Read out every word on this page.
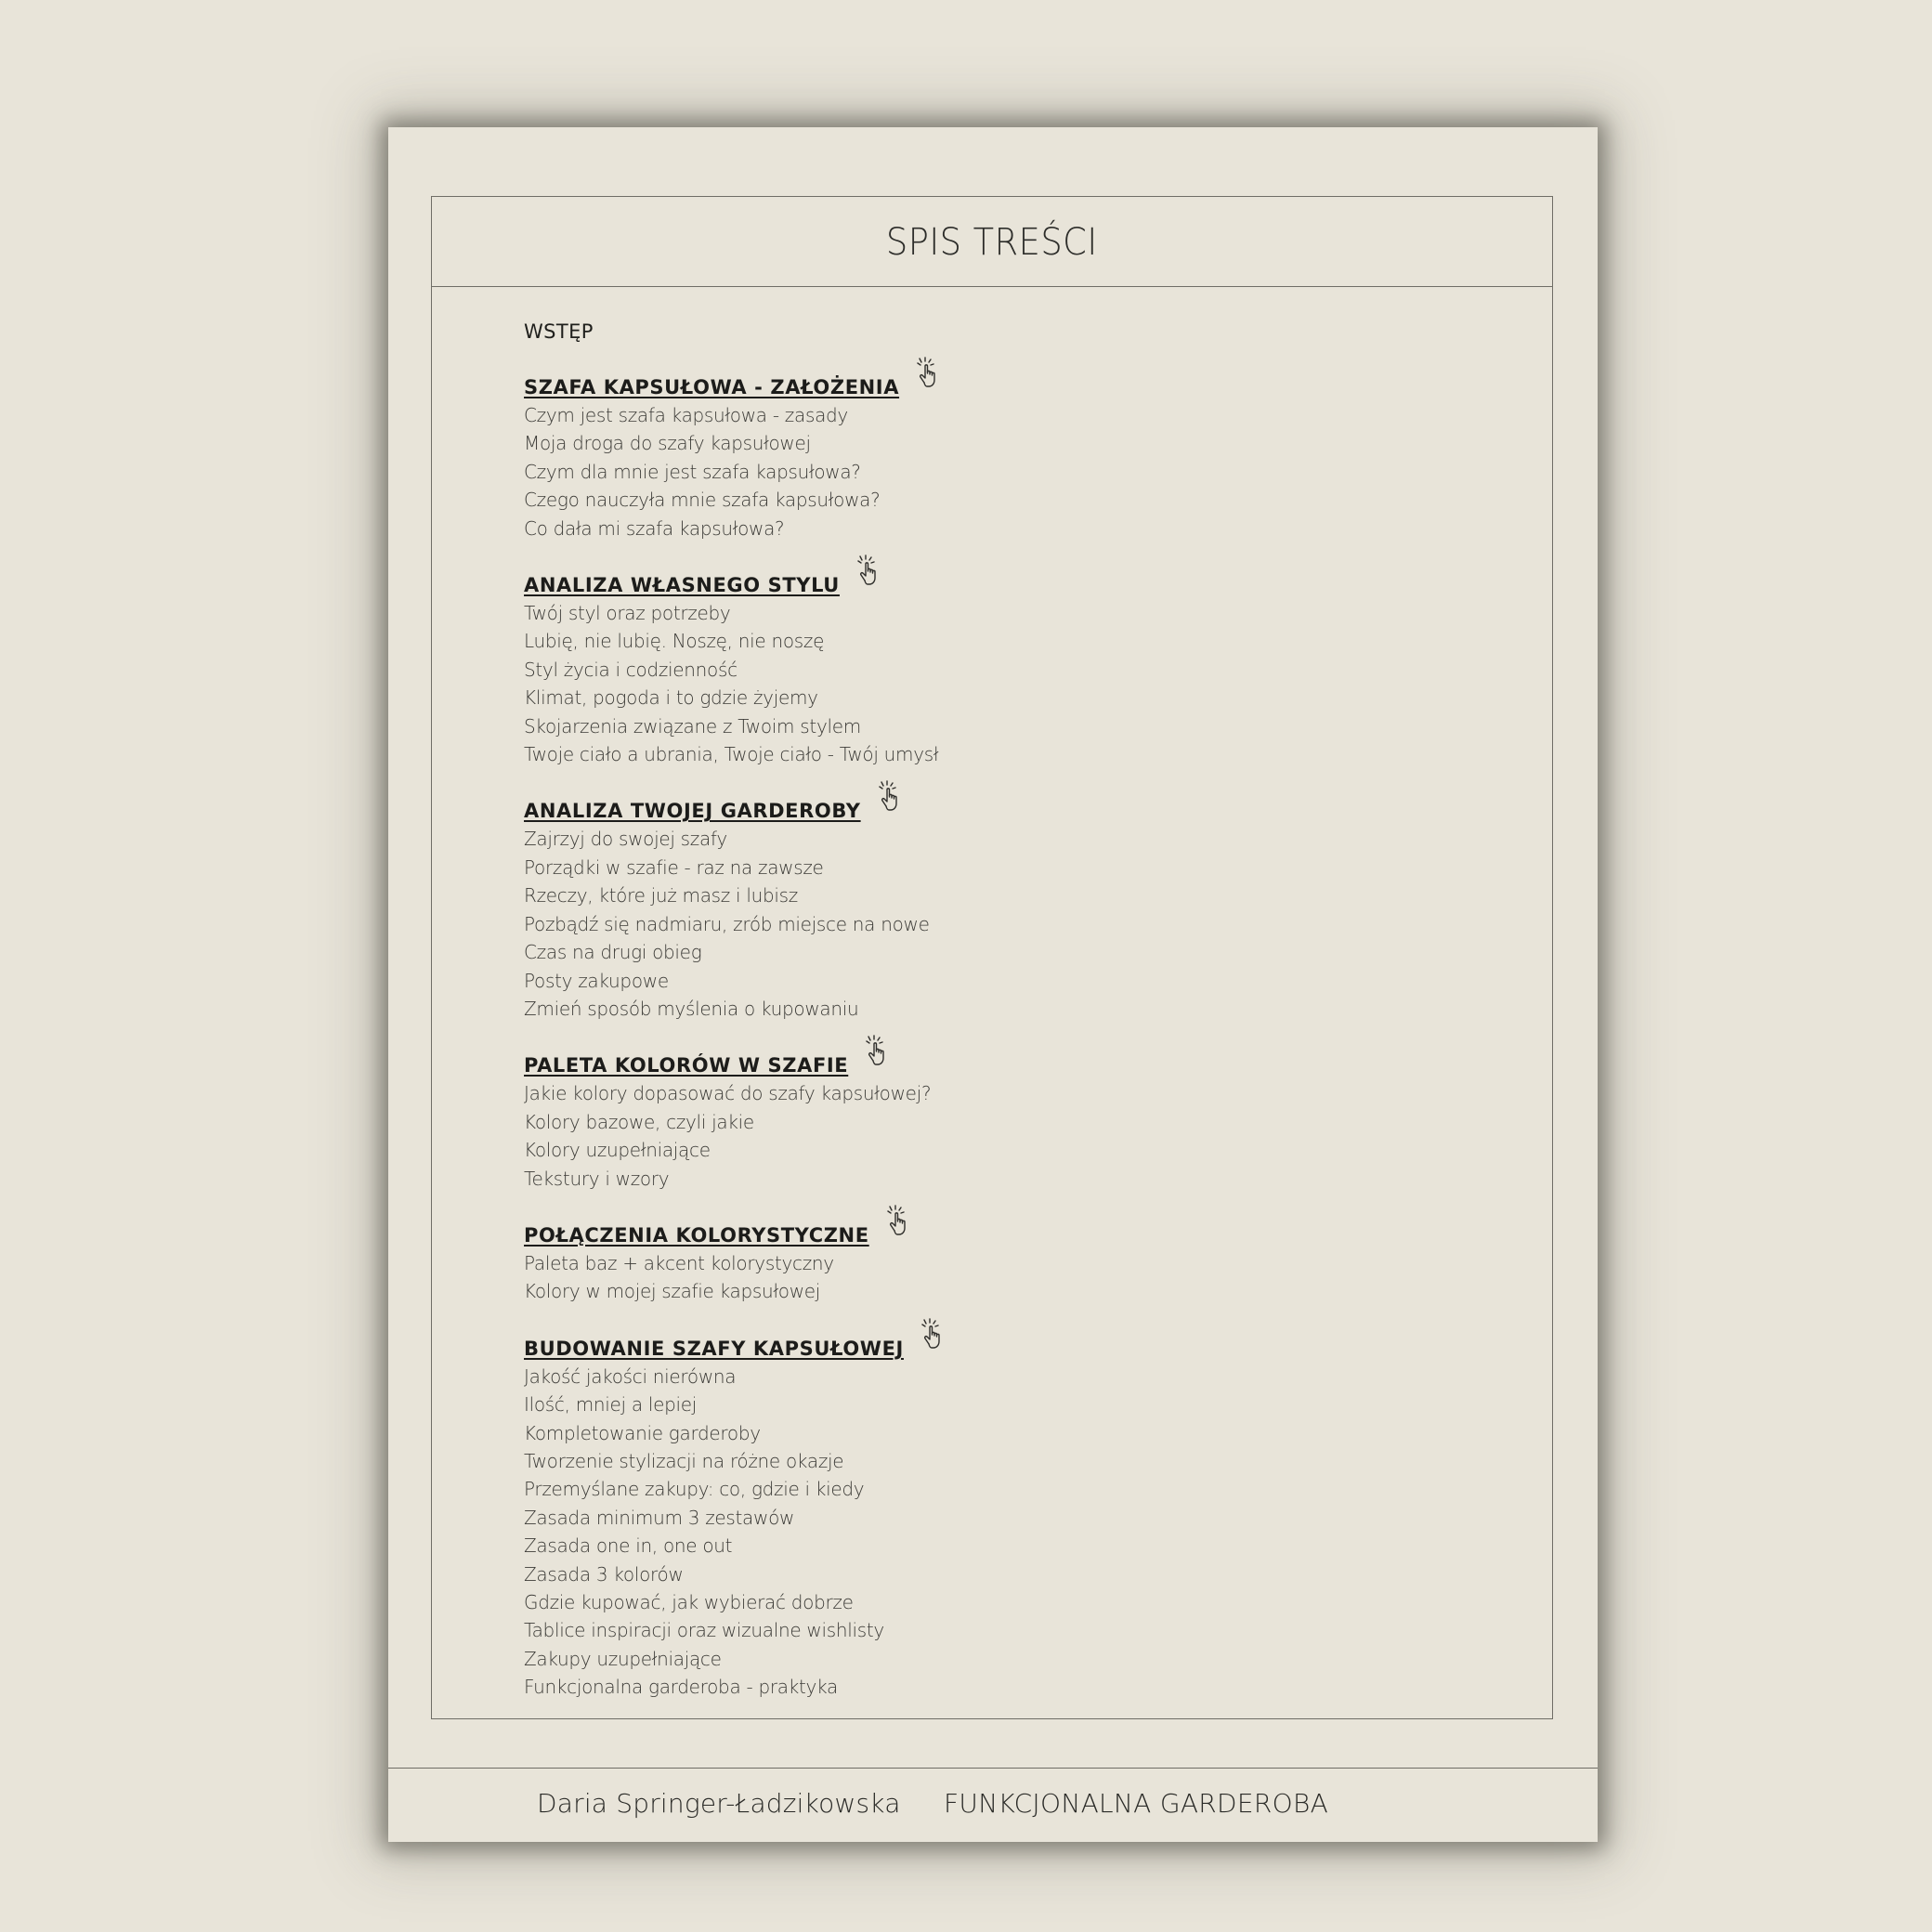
SPIS TREŚCI
WSTĘP
SZAFA KAPSUŁOWA - ZAŁOŻENIA
Czym jest szafa kapsułowa - zasady
Moja droga do szafy kapsułowej
Czym dla mnie jest szafa kapsułowa?
Czego nauczyła mnie szafa kapsułowa?
Co dała mi szafa kapsułowa?
ANALIZA WŁASNEGO STYLU
Twój styl oraz potrzeby
Lubię, nie lubię. Noszę, nie noszę
Styl życia i codzienność
Klimat, pogoda i to gdzie żyjemy
Skojarzenia związane z Twoim stylem
Twoje ciało a ubrania, Twoje ciało - Twój umysł
ANALIZA TWOJEJ GARDEROBY
Zajrzyj do swojej szafy
Porządki w szafie - raz na zawsze
Rzeczy, które już masz i lubisz
Pozbądź się nadmiaru, zrób miejsce na nowe
Czas na drugi obieg
Posty zakupowe
Zmień sposób myślenia o kupowaniu
PALETA KOLORÓW W SZAFIE
Jakie kolory dopasować do szafy kapsułowej?
Kolory bazowe, czyli jakie
Kolory uzupełniające
Tekstury i wzory
POŁĄCZENIA KOLORYSTYCZNE
Paleta baz + akcent kolorystyczny
Kolory w mojej szafie kapsułowej
BUDOWANIE SZAFY KAPSUŁOWEJ
Jakość jakości nierówna
Ilość, mniej a lepiej
Kompletowanie garderoby
Tworzenie stylizacji na różne okazje
Przemyślane zakupy: co, gdzie i kiedy
Zasada minimum 3 zestawów
Zasada one in, one out
Zasada 3 kolorów
Gdzie kupować, jak wybierać dobrze
Tablice inspiracji oraz wizualne wishlisty
Zakupy uzupełniające
Funkcjonalna garderoba - praktyka
Daria Springer-Ładzikowska FUNKCJONALNA GARDEROBA
